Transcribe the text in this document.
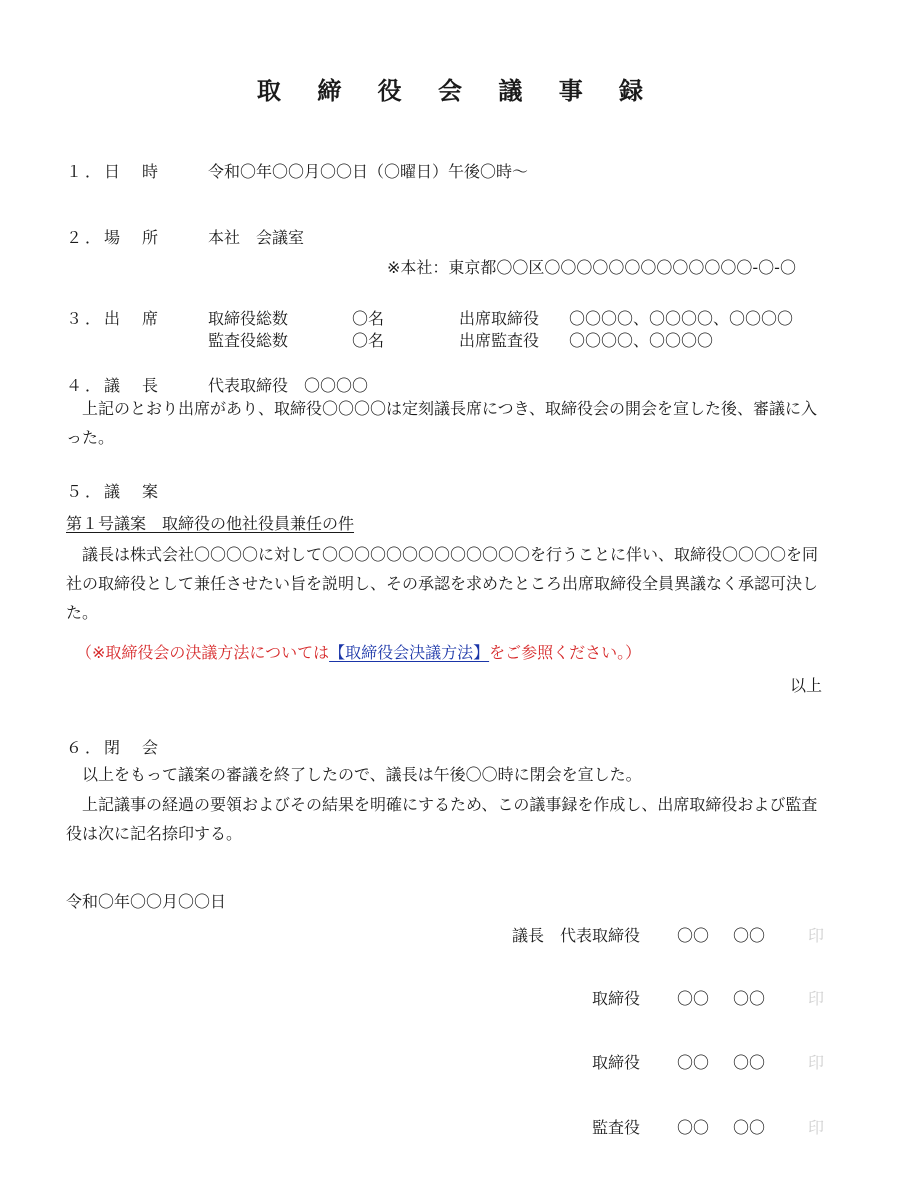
取 締 役 会 議 事 録
１．日　時	令和〇年〇〇月〇〇日（〇曜日）午後〇時～
２．場　所	本社　会議室
※本社：東京都〇〇区〇〇〇〇〇〇〇〇〇〇〇〇〇-〇-〇
３．出　席	取締役総数	〇名	出席取締役 〇〇〇〇、〇〇〇〇、〇〇〇〇
監査役総数	〇名	出席監査役 〇〇〇〇、〇〇〇〇
４．議　長	代表取締役　〇〇〇〇
上記のとおり出席があり、取締役〇〇〇〇は定刻議長席につき、取締役会の開会を宣した後、審議に入った。
５．議　案
第１号議案　取締役の他社役員兼任の件
議長は株式会社〇〇〇〇に対して〇〇〇〇〇〇〇〇〇〇〇〇〇を行うことに伴い、取締役〇〇〇〇を同社の取締役として兼任させたい旨を説明し、その承認を求めたところ出席取締役全員異議なく承認可決した。
（※取締役会の決議方法については【取締役会決議方法】をご参照ください。）
以上
６．閉　会
以上をもって議案の審議を終了したので、議長は午後〇〇時に閉会を宣した。
上記議事の経過の要領およびその結果を明確にするため、この議事録を作成し、出席取締役および監査役は次に記名捺印する。
令和〇年〇〇月〇〇日
議長　代表取締役 〇〇 〇〇	印
取締役 〇〇 〇〇	印
取締役 〇〇 〇〇	印
監査役 〇〇 〇〇	印
